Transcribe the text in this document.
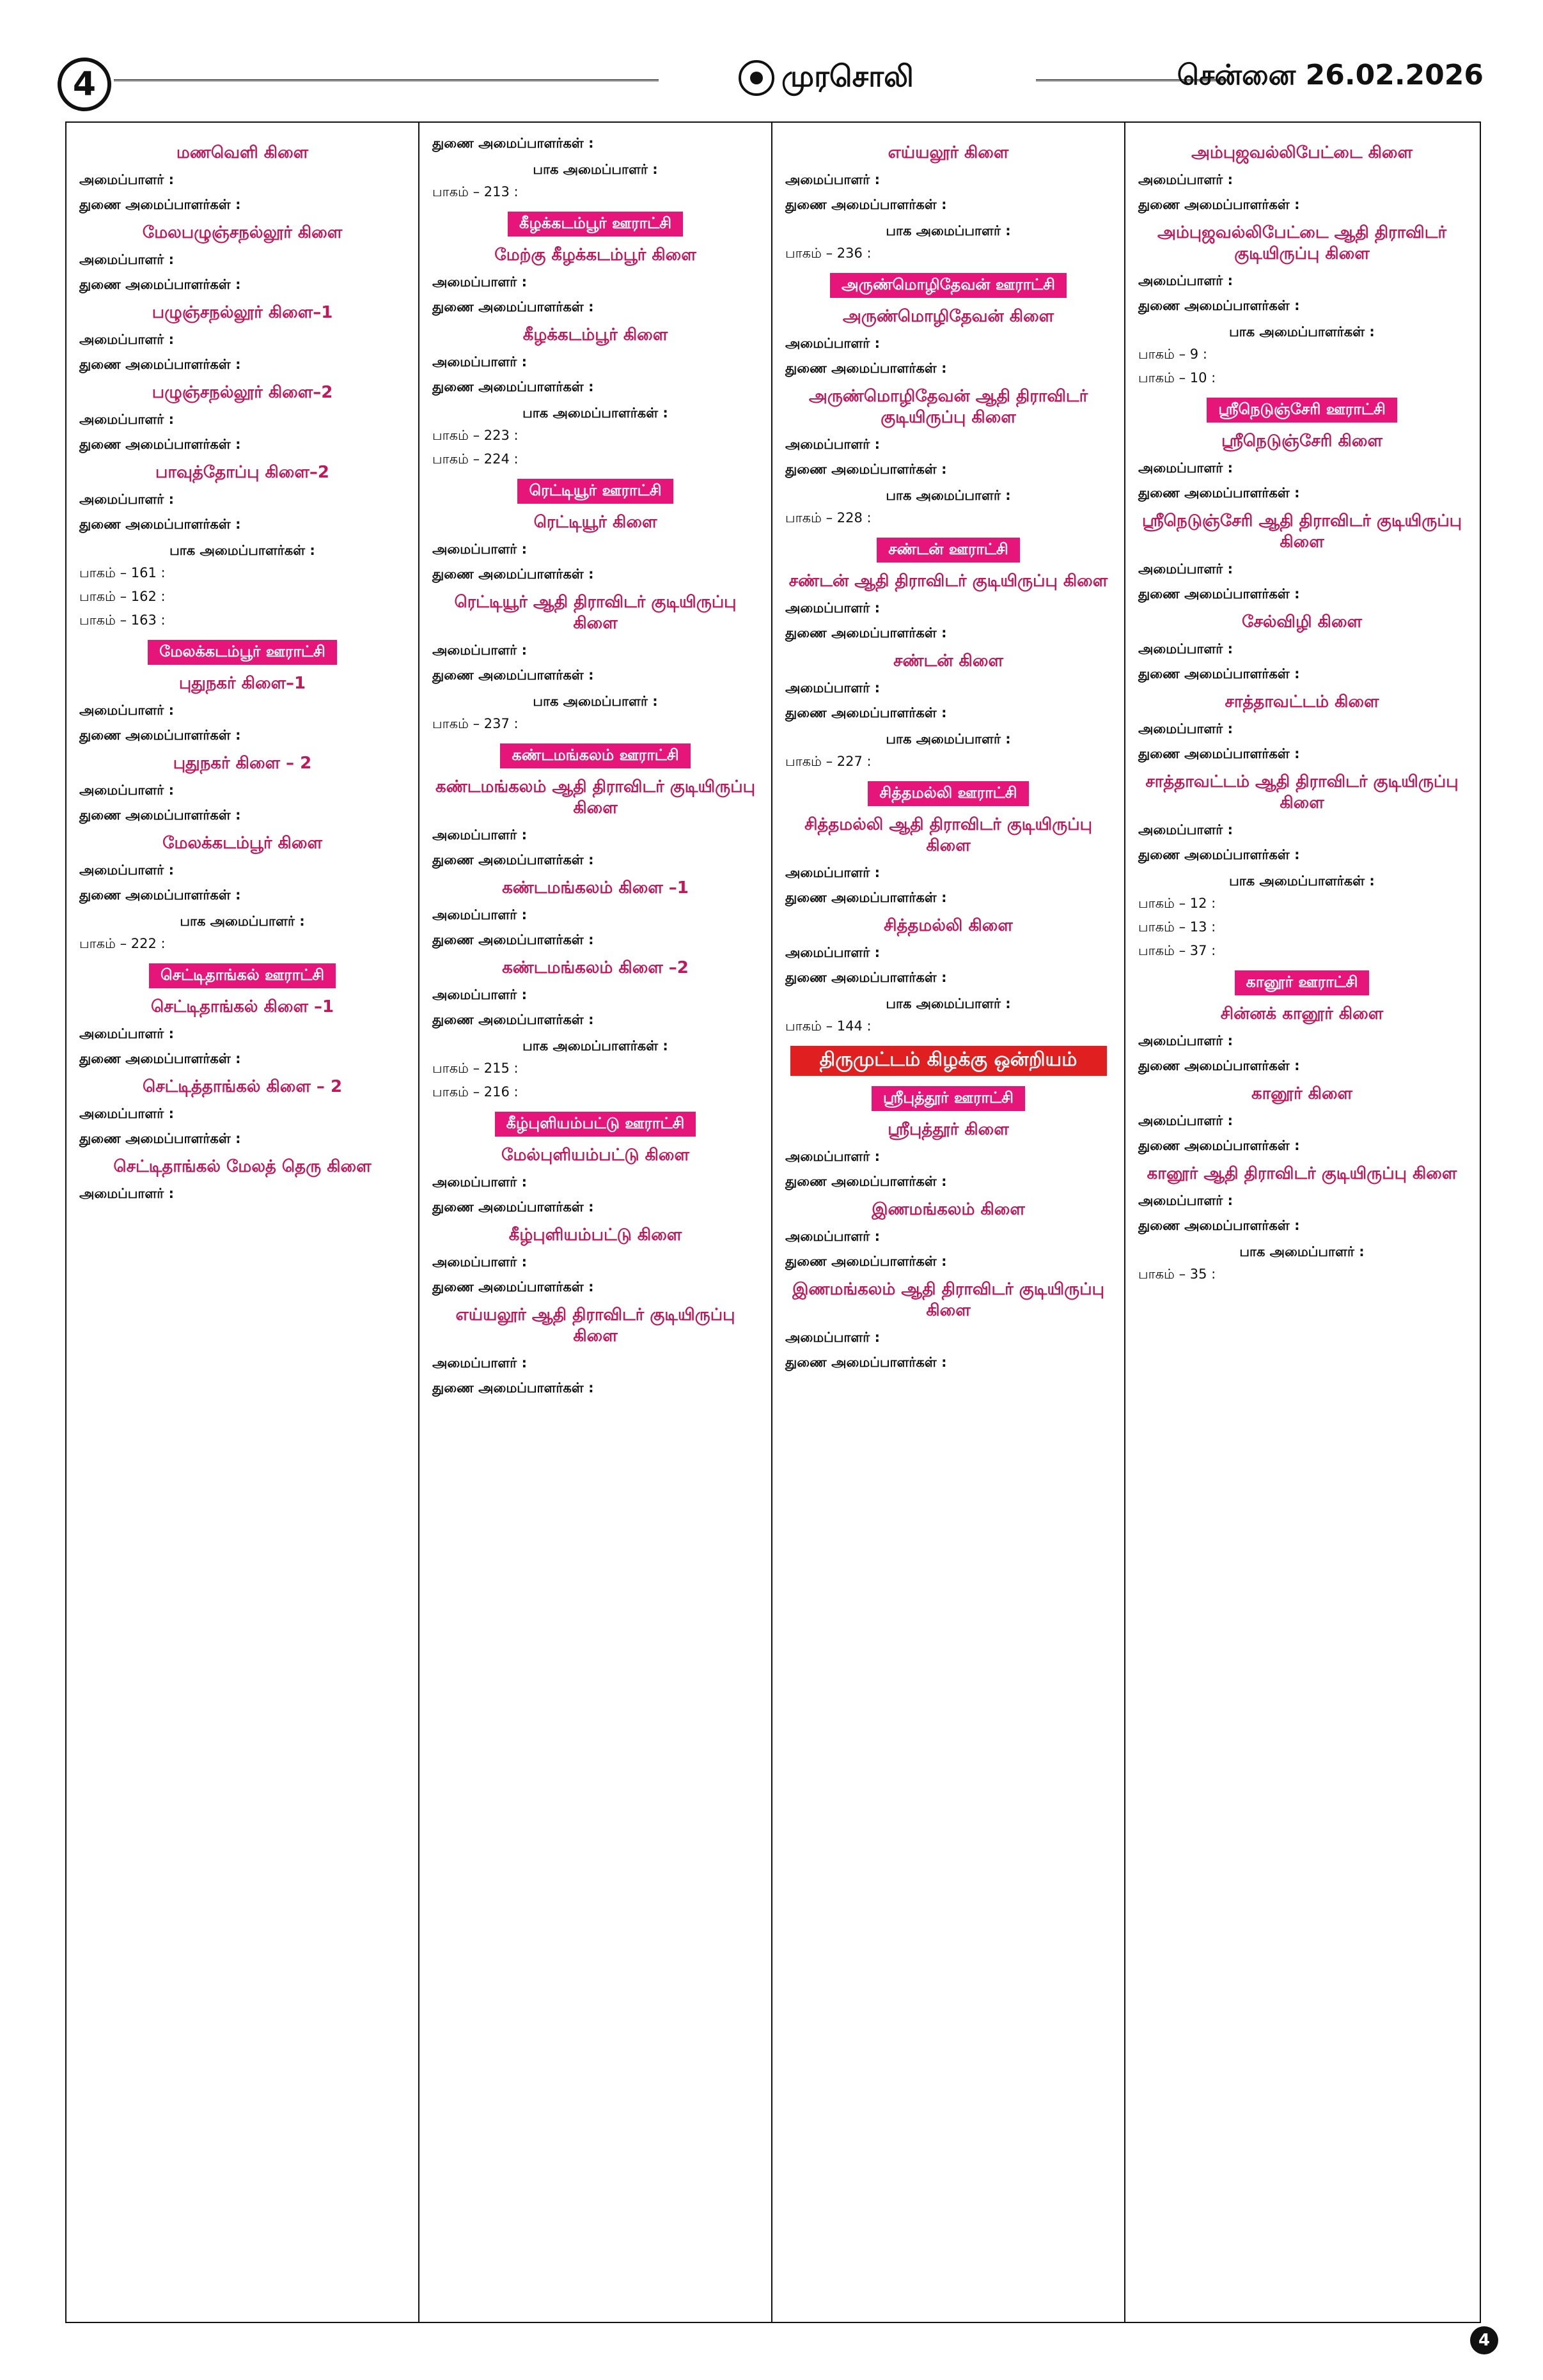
4	முரசொலி	சென்னை 26.02.2026
மணவெளி கிளை

அமைப்பாளர் :

துணை அமைப்பாளர்கள் :

மேலபழுஞ்சநல்லூர் கிளை

அமைப்பாளர் :

துணை அமைப்பாளர்கள் :

பழுஞ்சநல்லூர் கிளை–1

அமைப்பாளர் :

துணை அமைப்பாளர்கள் :

பழுஞ்சநல்லூர் கிளை–2

அமைப்பாளர் :

துணை அமைப்பாளர்கள் :

பாவுத்தோப்பு கிளை–2

அமைப்பாளர் :

துணை அமைப்பாளர்கள் :

பாக அமைப்பாளர்கள் :
பாகம் – 161 :
பாகம் – 162 :
பாகம் – 163 :
மேலக்கடம்பூர் ஊராட்சி
புதுநகர் கிளை–1

அமைப்பாளர் :

துணை அமைப்பாளர்கள் :

புதுநகர் கிளை – 2

அமைப்பாளர் :

துணை அமைப்பாளர்கள் :

மேலக்கடம்பூர் கிளை

அமைப்பாளர் :

துணை அமைப்பாளர்கள் :

பாக அமைப்பாளர் :
பாகம் – 222 :
செட்டிதாங்கல் ஊராட்சி
செட்டிதாங்கல் கிளை –1

அமைப்பாளர் :

துணை அமைப்பாளர்கள் :

செட்டித்தாங்கல் கிளை – 2

அமைப்பாளர் :

துணை அமைப்பாளர்கள் :

செட்டிதாங்கல் மேலத் தெரு கிளை

அமைப்பாளர் :

துணை அமைப்பாளர்கள் :

பாக அமைப்பாளர் :
பாகம் – 213 :
கீழக்கடம்பூர் ஊராட்சி
மேற்கு கீழக்கடம்பூர் கிளை

அமைப்பாளர் :

துணை அமைப்பாளர்கள் :

கீழக்கடம்பூர் கிளை

அமைப்பாளர் :

துணை அமைப்பாளர்கள் :

பாக அமைப்பாளர்கள் :
பாகம் – 223 :
பாகம் – 224 :
ரெட்டியூர் ஊராட்சி
ரெட்டியூர் கிளை

அமைப்பாளர் :

துணை அமைப்பாளர்கள் :

ரெட்டியூர் ஆதி திராவிடர் குடியிருப்பு கிளை

அமைப்பாளர் :

துணை அமைப்பாளர்கள் :

பாக அமைப்பாளர் :
பாகம் – 237 :
கண்டமங்கலம் ஊராட்சி
கண்டமங்கலம் ஆதி திராவிடர் குடியிருப்பு கிளை

அமைப்பாளர் :

துணை அமைப்பாளர்கள் :

கண்டமங்கலம் கிளை –1

அமைப்பாளர் :

துணை அமைப்பாளர்கள் :

கண்டமங்கலம் கிளை –2

அமைப்பாளர் :

துணை அமைப்பாளர்கள் :

பாக அமைப்பாளர்கள் :
பாகம் – 215 :
பாகம் – 216 :
கீழ்புளியம்பட்டு ஊராட்சி
மேல்புளியம்பட்டு கிளை

அமைப்பாளர் :

துணை அமைப்பாளர்கள் :

கீழ்புளியம்பட்டு கிளை

அமைப்பாளர் :

துணை அமைப்பாளர்கள் :

எய்யலூர் ஆதி திராவிடர் குடியிருப்பு கிளை

அமைப்பாளர் :

துணை அமைப்பாளர்கள் :

எய்யலூர் கிளை

அமைப்பாளர் :

துணை அமைப்பாளர்கள் :

பாக அமைப்பாளர் :
பாகம் – 236 :
அருண்மொழிதேவன் ஊராட்சி
அருண்மொழிதேவன் கிளை

அமைப்பாளர் :

துணை அமைப்பாளர்கள் :

அருண்மொழிதேவன் ஆதி திராவிடர் குடியிருப்பு கிளை

அமைப்பாளர் :

துணை அமைப்பாளர்கள் :

பாக அமைப்பாளர் :
பாகம் – 228 :
சண்டன் ஊராட்சி
சண்டன் ஆதி திராவிடர் குடியிருப்பு கிளை

அமைப்பாளர் :

துணை அமைப்பாளர்கள் :

சண்டன் கிளை

அமைப்பாளர் :

துணை அமைப்பாளர்கள் :

பாக அமைப்பாளர் :
பாகம் – 227 :
சித்தமல்லி ஊராட்சி
சித்தமல்லி ஆதி திராவிடர் குடியிருப்பு கிளை

அமைப்பாளர் :

துணை அமைப்பாளர்கள் :

சித்தமல்லி கிளை

அமைப்பாளர் :

துணை அமைப்பாளர்கள் :

பாக அமைப்பாளர் :
பாகம் – 144 :
திருமுட்டம் கிழக்கு ஒன்றியம்
ஸ்ரீபுத்தூர் ஊராட்சி
ஸ்ரீபுத்தூர் கிளை

அமைப்பாளர் :

துணை அமைப்பாளர்கள் :

இணமங்கலம் கிளை

அமைப்பாளர் :

துணை அமைப்பாளர்கள் :

இணமங்கலம் ஆதி திராவிடர் குடியிருப்பு கிளை

அமைப்பாளர் :

துணை அமைப்பாளர்கள் :

அம்புஜவல்லிபேட்டை கிளை

அமைப்பாளர் :

துணை அமைப்பாளர்கள் :

அம்புஜவல்லிபேட்டை ஆதி திராவிடர் குடியிருப்பு கிளை

அமைப்பாளர் :

துணை அமைப்பாளர்கள் :

பாக அமைப்பாளர்கள் :
பாகம் – 9 :
பாகம் – 10 :
ஸ்ரீநெடுஞ்சேரி ஊராட்சி
ஸ்ரீநெடுஞ்சேரி கிளை

அமைப்பாளர் :

துணை அமைப்பாளர்கள் :

ஸ்ரீநெடுஞ்சேரி ஆதி திராவிடர் குடியிருப்பு கிளை

அமைப்பாளர் :

துணை அமைப்பாளர்கள் :

சேல்விழி கிளை

அமைப்பாளர் :

துணை அமைப்பாளர்கள் :

சாத்தாவட்டம் கிளை

அமைப்பாளர் :

துணை அமைப்பாளர்கள் :

சாத்தாவட்டம் ஆதி திராவிடர் குடியிருப்பு கிளை

அமைப்பாளர் :

துணை அமைப்பாளர்கள் :

பாக அமைப்பாளர்கள் :
பாகம் – 12 :
பாகம் – 13 :
பாகம் – 37 :
கானூர் ஊராட்சி
சின்னக் கானூர் கிளை

அமைப்பாளர் :

துணை அமைப்பாளர்கள் :

கானூர் கிளை

அமைப்பாளர் :

துணை அமைப்பாளர்கள் :

கானூர் ஆதி திராவிடர் குடியிருப்பு கிளை

அமைப்பாளர் :

துணை அமைப்பாளர்கள் :

பாக அமைப்பாளர் :
பாகம் – 35 :
4
